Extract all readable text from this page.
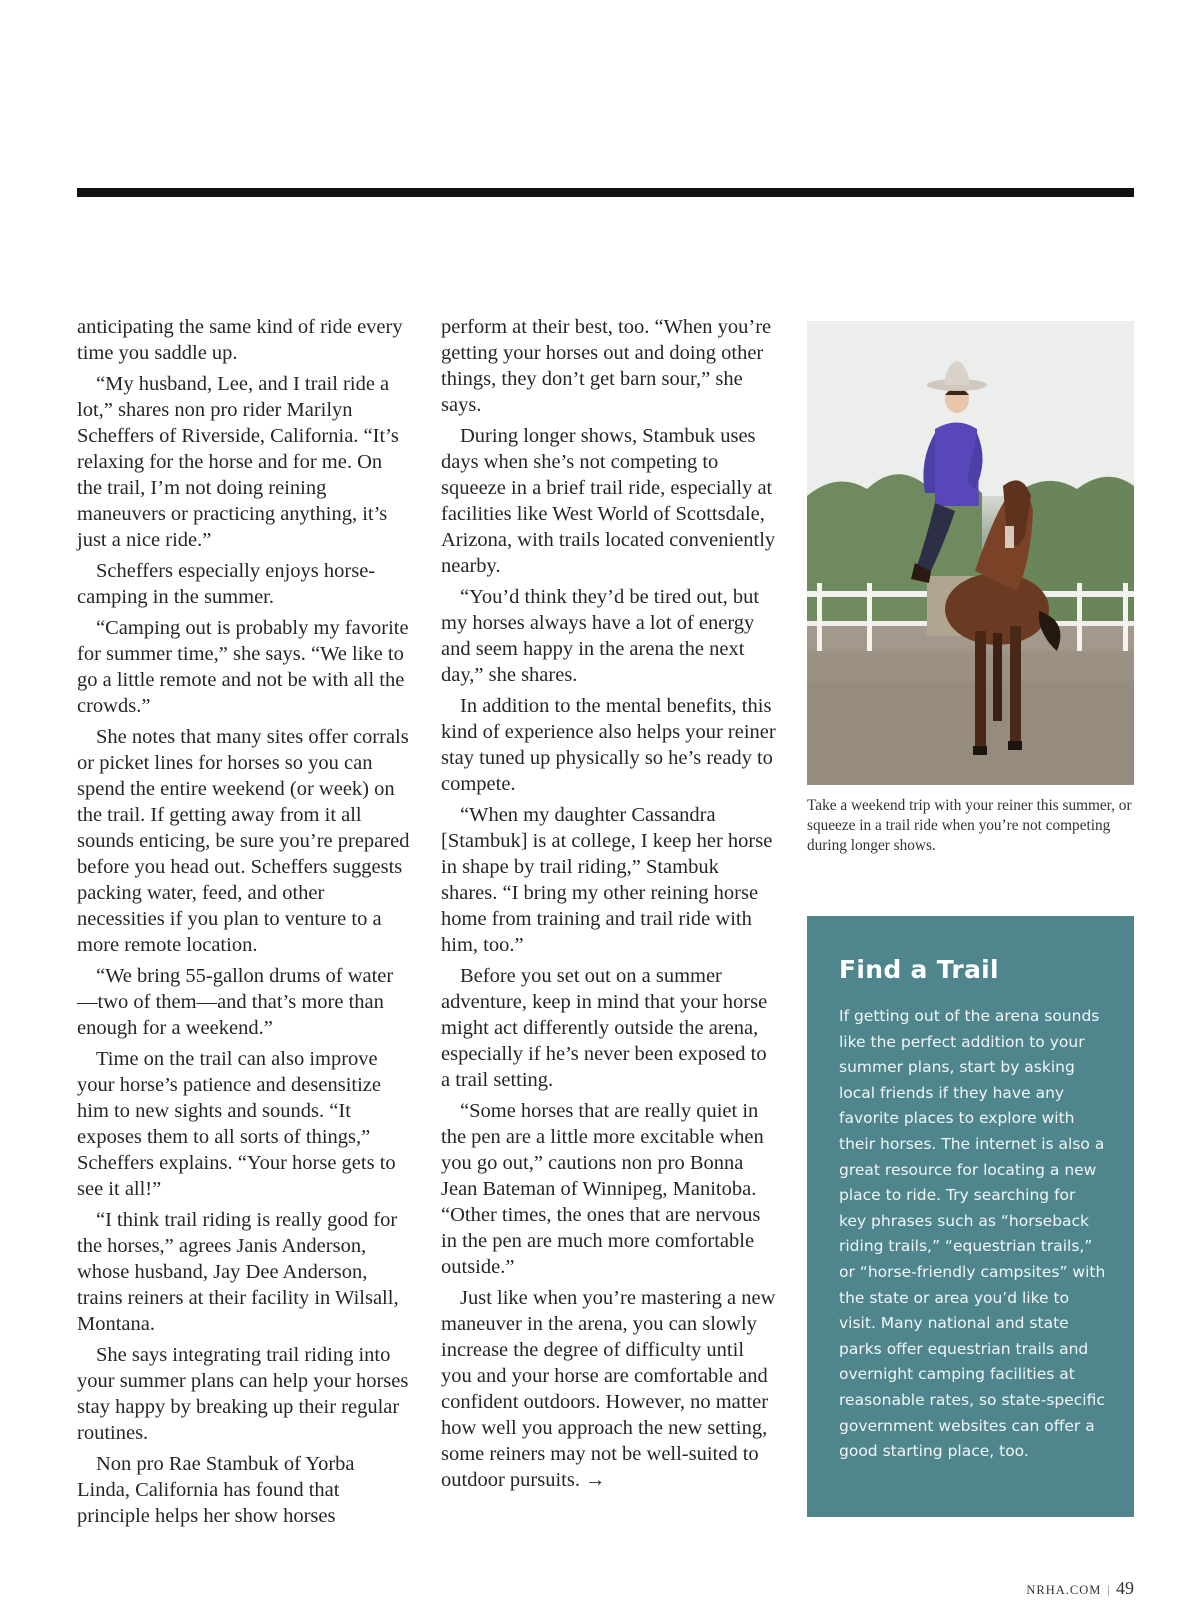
anticipating the same kind of ride every time you saddle up.

“My husband, Lee, and I trail ride a lot,” shares non pro rider Marilyn Scheffers of Riverside, California. “It’s relaxing for the horse and for me. On the trail, I’m not doing reining maneuvers or practicing anything, it’s just a nice ride.”

Scheffers especially enjoys horse-camping in the summer.

“Camping out is probably my favorite for summer time,” she says. “We like to go a little remote and not be with all the crowds.”

She notes that many sites offer corrals or picket lines for horses so you can spend the entire weekend (or week) on the trail. If getting away from it all sounds enticing, be sure you’re prepared before you head out. Scheffers suggests packing water, feed, and other necessities if you plan to venture to a more remote location.

“We bring 55-gallon drums of water—two of them—and that’s more than enough for a weekend.”

Time on the trail can also improve your horse’s patience and desensitize him to new sights and sounds. “It exposes them to all sorts of things,” Scheffers explains. “Your horse gets to see it all!”

“I think trail riding is really good for the horses,” agrees Janis Anderson, whose husband, Jay Dee Anderson, trains reiners at their facility in Wilsall, Montana.

She says integrating trail riding into your summer plans can help your horses stay happy by breaking up their regular routines.

Non pro Rae Stambuk of Yorba Linda, California has found that principle helps her show horses

perform at their best, too. “When you’re getting your horses out and doing other things, they don’t get barn sour,” she says.

During longer shows, Stambuk uses days when she’s not competing to squeeze in a brief trail ride, especially at facilities like West World of Scottsdale, Arizona, with trails located conveniently nearby.

“You’d think they’d be tired out, but my horses always have a lot of energy and seem happy in the arena the next day,” she shares.

In addition to the mental benefits, this kind of experience also helps your reiner stay tuned up physically so he’s ready to compete.

“When my daughter Cassandra [Stambuk] is at college, I keep her horse in shape by trail riding,” Stambuk shares. “I bring my other reining horse home from training and trail ride with him, too.”

Before you set out on a summer adventure, keep in mind that your horse might act differently outside the arena, especially if he’s never been exposed to a trail setting.

“Some horses that are really quiet in the pen are a little more excitable when you go out,” cautions non pro Bonna Jean Bateman of Winnipeg, Manitoba. “Other times, the ones that are nervous in the pen are much more comfortable outside.”

Just like when you’re mastering a new maneuver in the arena, you can slowly increase the degree of difficulty until you and your horse are comfortable and confident outdoors. However, no matter how well you approach the new setting, some reiners may not be well-suited to outdoor pursuits. →

Take a weekend trip with your reiner this summer, or squeeze in a trail ride when you’re not competing during longer shows.
Find a Trail

If getting out of the arena sounds like the perfect addition to your summer plans, start by asking local friends if they have any favorite places to explore with their horses. The internet is also a great resource for locating a new place to ride. Try searching for key phrases such as “horseback riding trails,” “equestrian trails,” or “horse-friendly campsites” with the state or area you’d like to visit. Many national and state parks offer equestrian trails and overnight camping facilities at reasonable rates, so state-specific government websites can offer a good starting place, too.

NRHA.COM | 49
